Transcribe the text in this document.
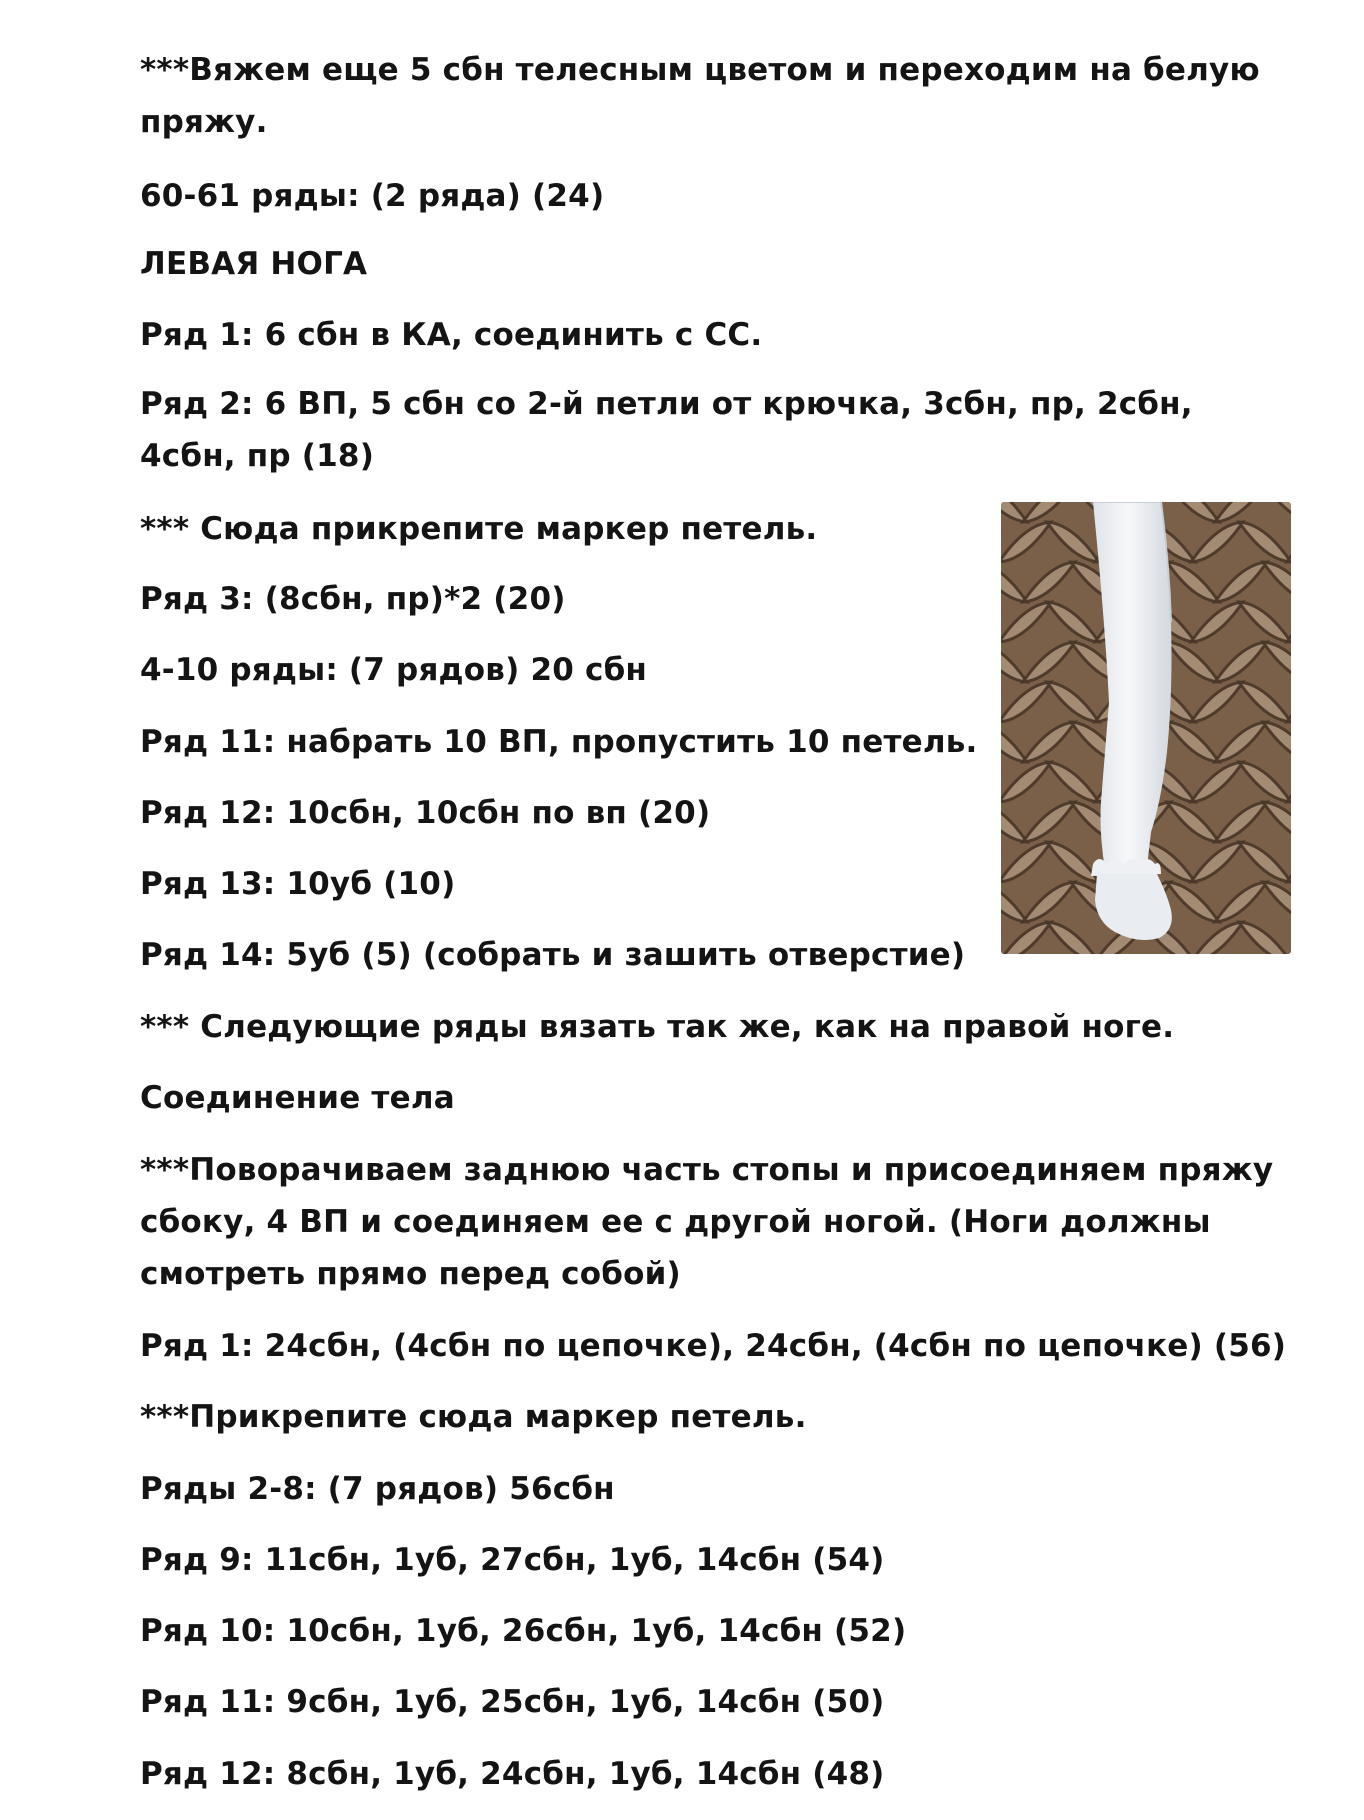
***Вяжем еще 5 сбн телесным цветом и переходим на белую
пряжу.
60-61 ряды: (2 ряда) (24)
ЛЕВАЯ НОГА
Ряд 1: 6 сбн в КА, соединить с СС.
Ряд 2: 6 ВП, 5 сбн со 2-й петли от крючка, 3сбн, пр, 2сбн,
4сбн, пр (18)
*** Сюда прикрепите маркер петель.
Ряд 3: (8сбн, пр)*2 (20)
4-10 ряды: (7 рядов) 20 сбн
Ряд 11: набрать 10 ВП, пропустить 10 петель.
Ряд 12: 10сбн, 10сбн по вп (20)
Ряд 13: 10уб (10)
Ряд 14: 5уб (5) (собрать и зашить отверстие)
*** Следующие ряды вязать так же, как на правой ноге.
Соединение тела
***Поворачиваем заднюю часть стопы и присоединяем пряжу
сбоку, 4 ВП и соединяем ее с другой ногой. (Ноги должны
смотреть прямо перед собой)
Ряд 1: 24сбн, (4сбн по цепочке), 24сбн, (4сбн по цепочке) (56)
***Прикрепите сюда маркер петель.
Ряды 2-8: (7 рядов) 56сбн
Ряд 9: 11сбн, 1уб, 27сбн, 1уб, 14сбн (54)
Ряд 10: 10сбн, 1уб, 26сбн, 1уб, 14сбн (52)
Ряд 11: 9сбн, 1уб, 25сбн, 1уб, 14сбн (50)
Ряд 12: 8сбн, 1уб, 24сбн, 1уб, 14сбн (48)
